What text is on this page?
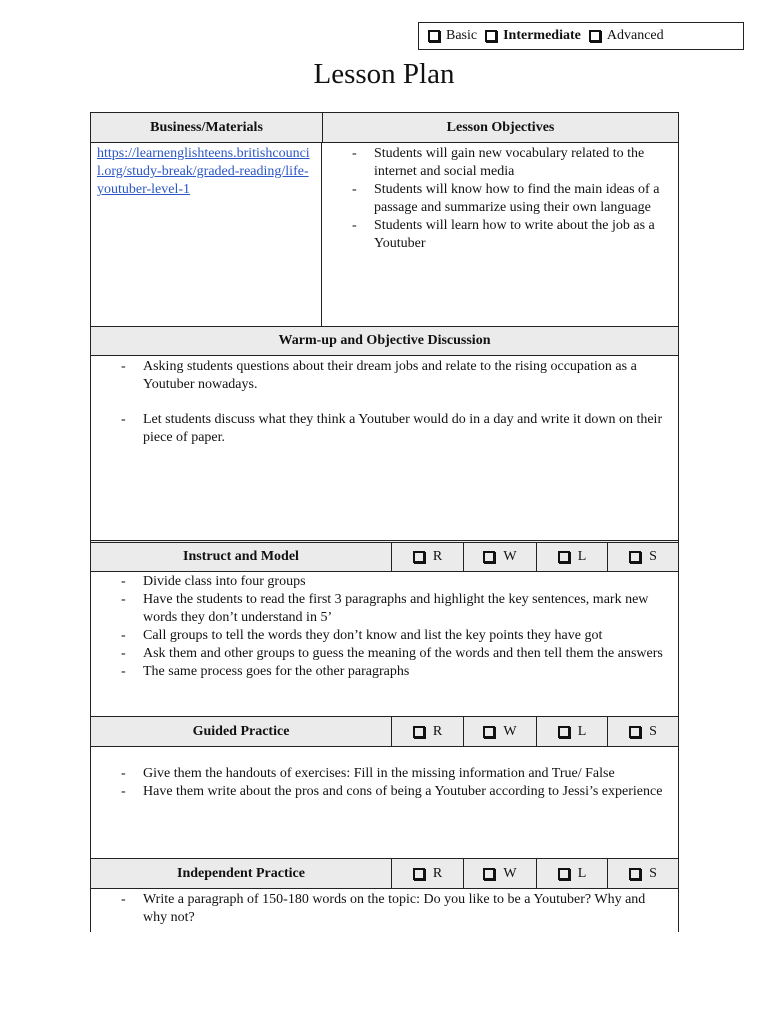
Basic Intermediate Advanced
Lesson Plan
Business/Materials	Lesson Objectives
https://learnenglishteens.britishcouncil.org/study-break/graded-reading/life-youtuber-level-1
- Students will gain new vocabulary related to the internet and social media
- Students will know how to find the main ideas of a passage and summarize using their own language
- Students will learn how to write about the job as a Youtuber
Warm-up and Objective Discussion
- Asking students questions about their dream jobs and relate to the rising occupation as a Youtuber nowadays.
- Let students discuss what they think a Youtuber would do in a day and write it down on their piece of paper.
Instruct and Model	R	W	L	S
- Divide class into four groups
- Have the students to read the first 3 paragraphs and highlight the key sentences, mark new words they don’t understand in 5’
- Call groups to tell the words they don’t know and list the key points they have got
- Ask them and other groups to guess the meaning of the words and then tell them the answers
- The same process goes for the other paragraphs
Guided Practice	R	W	L	S
- Give them the handouts of exercises: Fill in the missing information and True/ False
- Have them write about the pros and cons of being a Youtuber according to Jessi’s experience
Independent Practice	R	W	L	S
- Write a paragraph of 150-180 words on the topic: Do you like to be a Youtuber? Why and why not?
